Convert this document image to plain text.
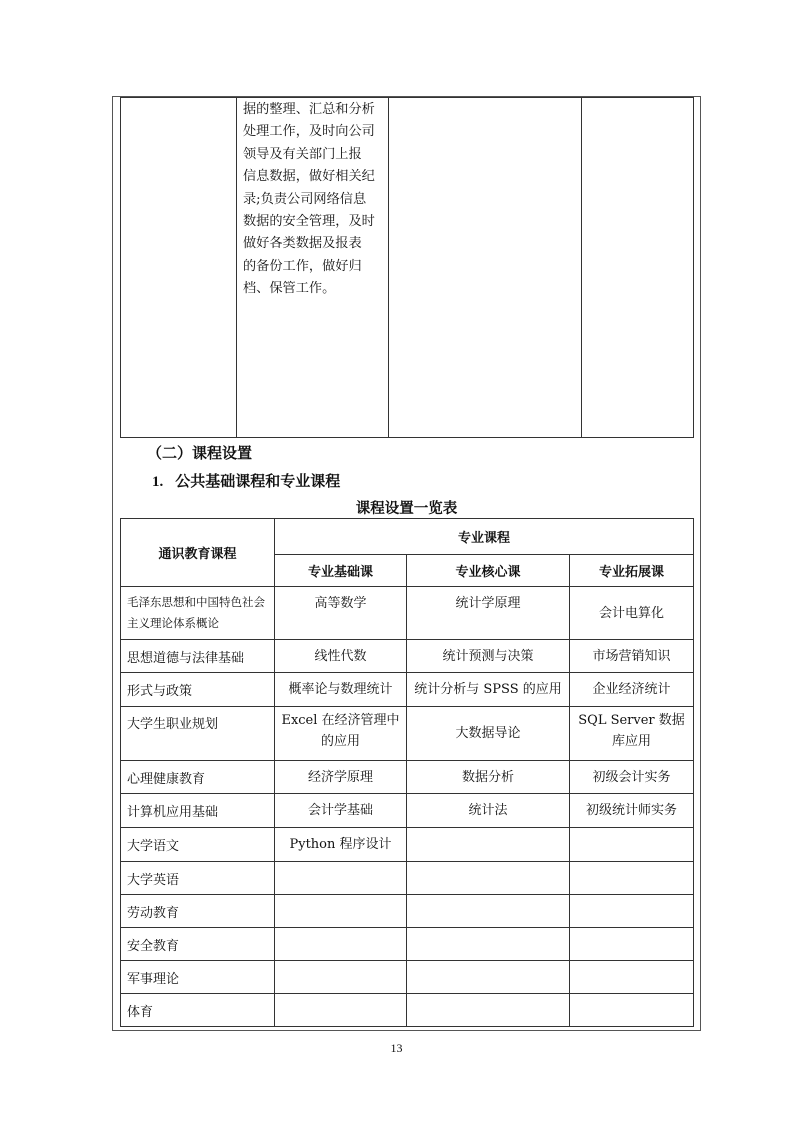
据的整理、汇总和分析
处理工作，及时向公司
领导及有关部门上报
信息数据，做好相关纪
录;负责公司网络信息
数据的安全管理，及时
做好各类数据及报表
的备份工作，做好归
档、保管工作。

（二）课程设置
1. 公共基础课程和专业课程
课程设置一览表
通识教育课程	专业课程		
	专业基础课	专业核心课	专业拓展课
毛泽东思想和中国特色社会主义理论体系概论	高等数学	统计学原理	会计电算化
思想道德与法律基础	线性代数	统计预测与决策	市场营销知识
形式与政策	概率论与数理统计	统计分析与 SPSS 的应用	企业经济统计
大学生职业规划	Excel 在经济管理中的应用	大数据导论	SQL Server 数据库应用
心理健康教育	经济学原理	数据分析	初级会计实务
计算机应用基础	会计学基础	统计法	初级统计师实务
大学语文	Python 程序设计		
大学英语			
劳动教育			
安全教育			
军事理论			
体育			
13
